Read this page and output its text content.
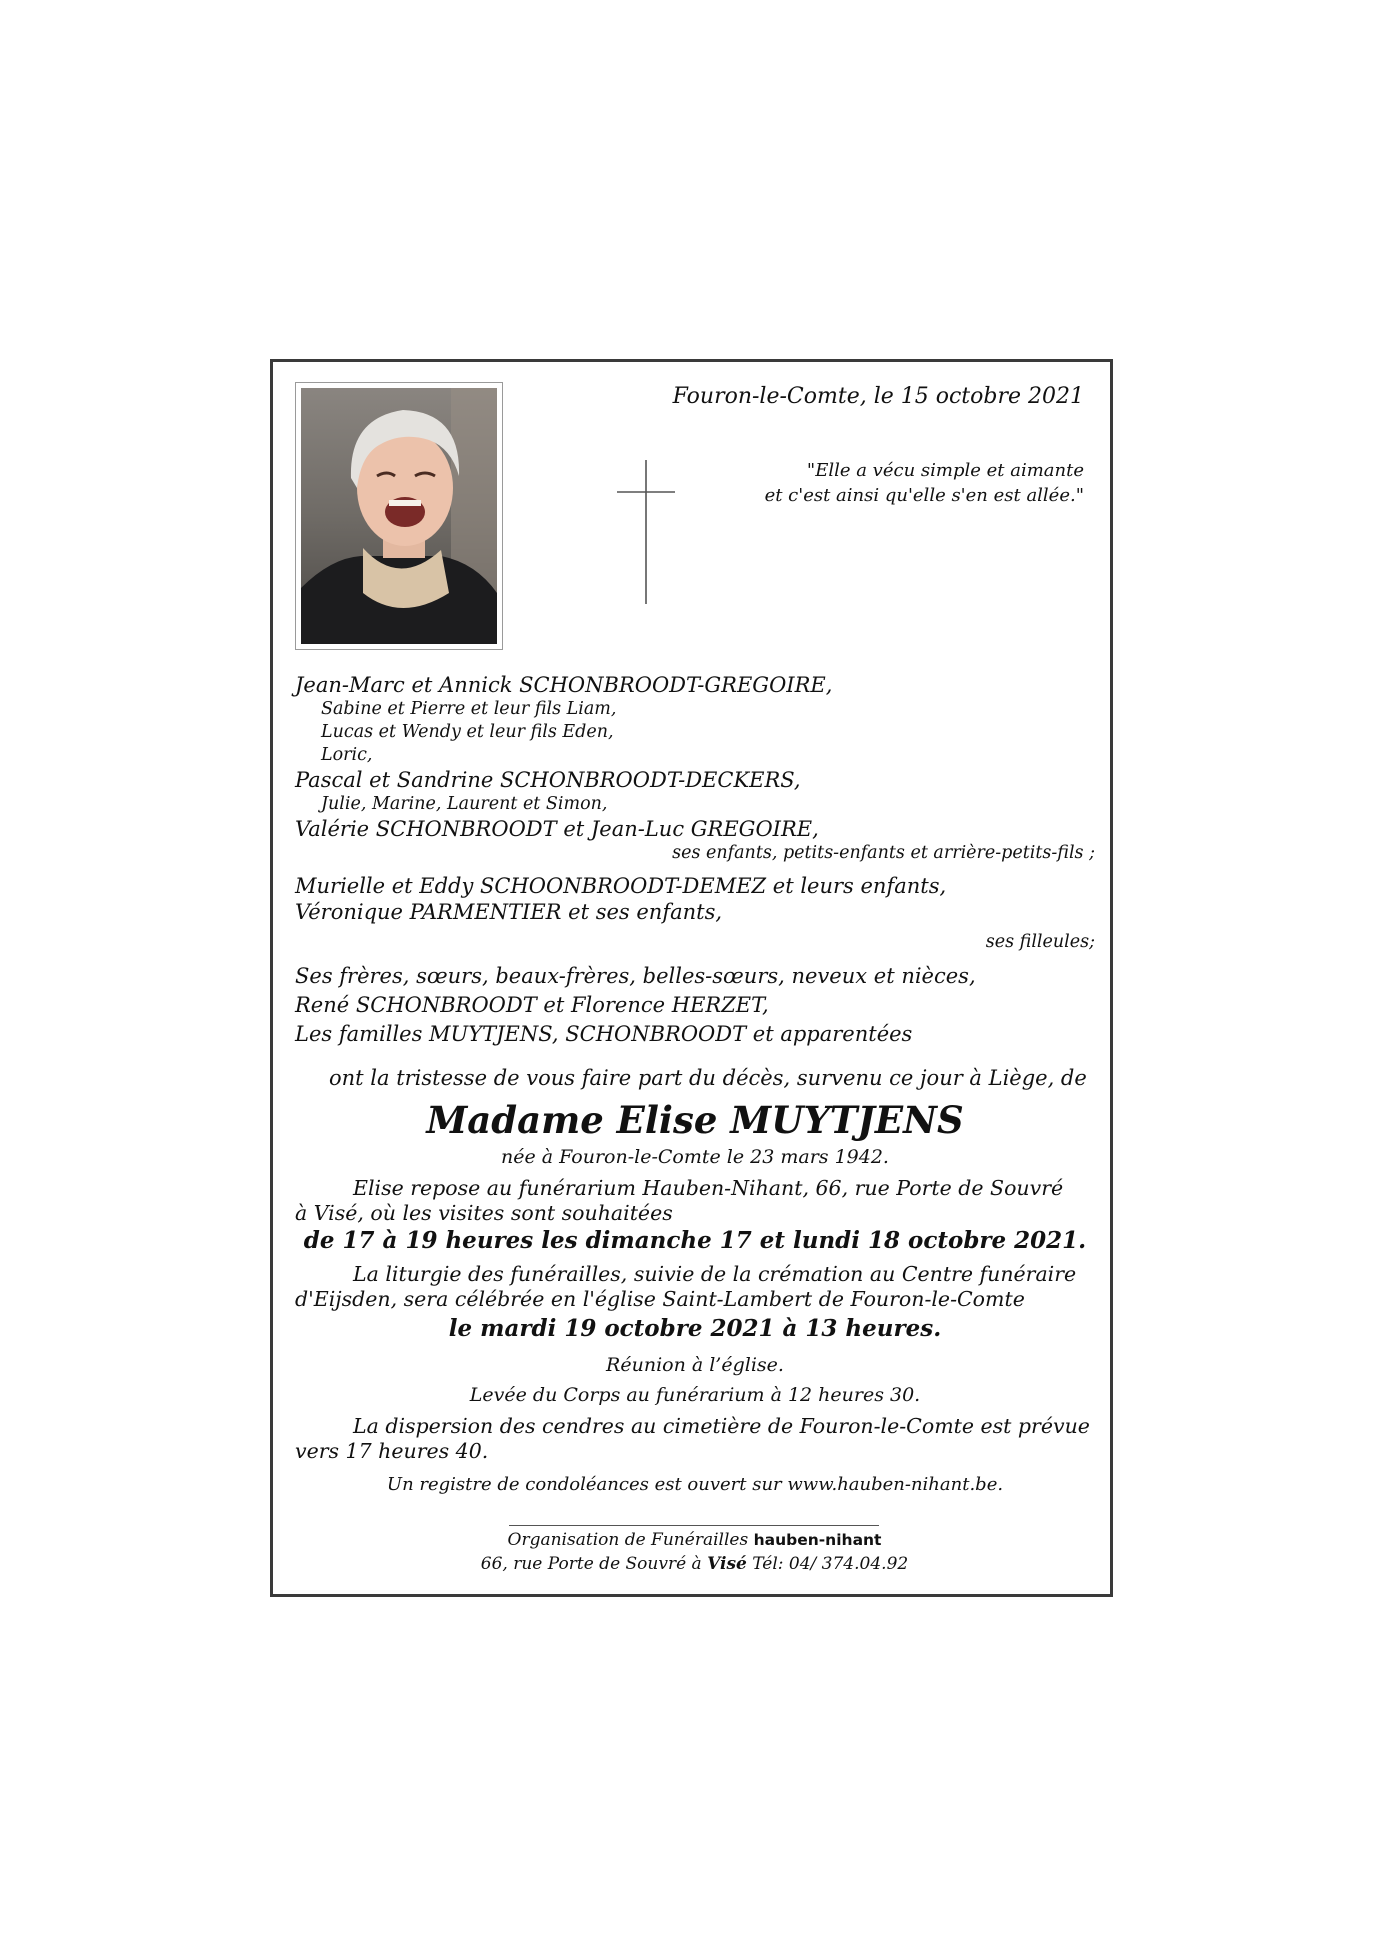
Fouron-le-Comte, le 15 octobre 2021
"Elle a vécu simple et aimante
et c'est ainsi qu'elle s'en est allée."
Jean-Marc et Annick SCHONBROODT-GREGOIRE,
Sabine et Pierre et leur fils Liam,
Lucas et Wendy et leur fils Eden,
Loric,
Pascal et Sandrine SCHONBROODT-DECKERS,
Julie, Marine, Laurent et Simon,
Valérie SCHONBROODT et Jean-Luc GREGOIRE,
ses enfants, petits-enfants et arrière-petits-fils ;
Murielle et Eddy SCHOONBROODT-DEMEZ et leurs enfants,
Véronique PARMENTIER et ses enfants,
ses filleules;
Ses frères, sœurs, beaux-frères, belles-sœurs, neveux et nièces,
René SCHONBROODT et Florence HERZET,
Les familles MUYTJENS, SCHONBROODT et apparentées
ont la tristesse de vous faire part du décès, survenu ce jour à Liège, de
Madame Elise MUYTJENS
née à Fouron-le-Comte le 23 mars 1942.
Elise repose au funérarium Hauben-Nihant, 66, rue Porte de Souvré
à Visé, où les visites sont souhaitées
de 17 à 19 heures les dimanche 17 et lundi 18 octobre 2021.
La liturgie des funérailles, suivie de la crémation au Centre funéraire
d'Eijsden, sera célébrée en l'église Saint-Lambert de Fouron-le-Comte
le mardi 19 octobre 2021 à 13 heures.
Réunion à l’église.
Levée du Corps au funérarium à 12 heures 30.
La dispersion des cendres au cimetière de Fouron-le-Comte est prévue
vers 17 heures 40.
Un registre de condoléances est ouvert sur www.hauben-nihant.be.
Organisation de Funérailles hauben-nihant
66, rue Porte de Souvré à Visé Tél: 04/ 374.04.92
